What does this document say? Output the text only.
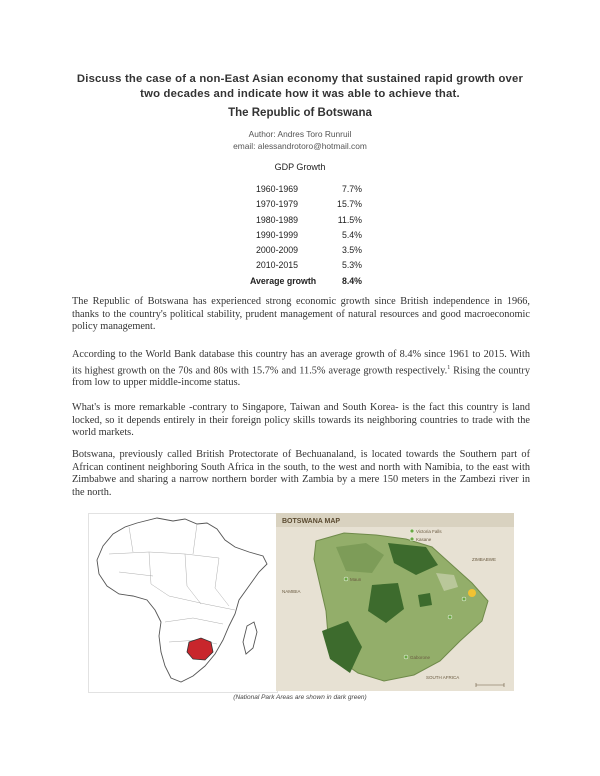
Discuss the case of a non-East Asian economy that sustained rapid growth over two decades and indicate how it was able to achieve that.
The Republic of Botswana
Author: Andres Toro Runruil
email: alessandrotoro@hotmail.com
GDP Growth
1960-1969	7.7%
1970-1979	15.7%
1980-1989	11.5%
1990-1999	5.4%
2000-2009	3.5%
2010-2015	5.3%
Average growth	8.4%

The Republic of Botswana has experienced strong economic growth since British independence in 1966, thanks to the country's political stability, prudent management of natural resources and good macroeconomic policy management.

According to the World Bank database this country has an average growth of 8.4% since 1961 to 2015. With its highest growth on the 70s and 80s with 15.7% and 11.5% average growth respectively.$^1$ Rising the country from low to upper middle-income status.

What's is more remarkable -contrary to Singapore, Taiwan and South Korea- is the fact this country is land locked, so it depends entirely in their foreign policy skills towards its neighboring countries to trade with the world markets.

Botswana, previously called British Protectorate of Bechuanaland, is located towards the Southern part of African continent neighboring South Africa in the south, to the west and north with Namibia, to the east with Zimbabwe and sharing a narrow northern border with Zambia by a mere 150 meters in the Zambezi river in the north.

BOTSWANA MAP
NAMIBIA
ZIMBABWE
SOUTH AFRICA
Victoria Falls
Kasane
Maun
Gaborone
(National Park Areas are shown in dark green)
